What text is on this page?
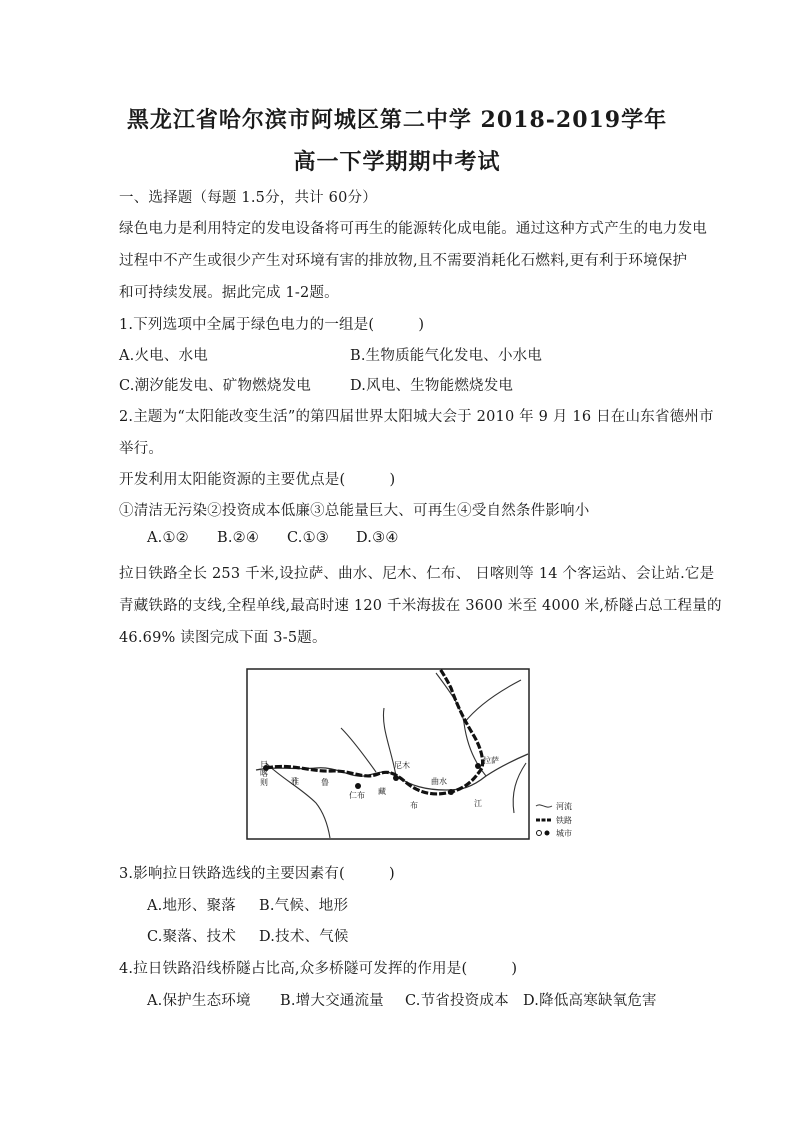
黑龙江省哈尔滨市阿城区第二中学 2018-2019学年
高一下学期期中考试
一、选择题（每题 1.5分，共计 60分）
绿色电力是利用特定的发电设备将可再生的能源转化成电能。通过这种方式产生的电力发电
过程中不产生或很少产生对环境有害的排放物,且不需要消耗化石燃料,更有利于环境保护
和可持续发展。据此完成 1-2题。
1.下列选项中全属于绿色电力的一组是(　　　)
A.火电、水电	B.生物质能气化发电、小水电
C.潮汐能发电、矿物燃烧发电	D.风电、生物能燃烧发电
2.主题为“太阳能改变生活”的第四届世界太阳城大会于 2010 年 9 月 16 日在山东省德州市
举行。
开发利用太阳能资源的主要优点是(　　　)
①清洁无污染②投资成本低廉③总能量巨大、可再生④受自然条件影响小
A.①② B.②④ C.①③ D.③④
拉日铁路全长 253 千米,设拉萨、曲水、尼木、仁布、 日喀则等 14 个客运站、会让站.它是
青藏铁路的支线,全程单线,最高时速 120 千米海拔在 3600 米至 4000 米,桥隧占总工程量的
46.69% 读图完成下面 3-5题。
日
喀
则
尼木
拉萨
曲水
仁布
雅	鲁
藏
布	江	河流
铁路
城市
3.影响拉日铁路选线的主要因素有(　　　)
A.地形、聚落 B.气候、地形
C.聚落、技术 D.技术、气候
4.拉日铁路沿线桥隧占比高,众多桥隧可发挥的作用是(　　　)
A.保护生态环境 B.增大交通流量 C.节省投资成本 D.降低高寒缺氧危害
